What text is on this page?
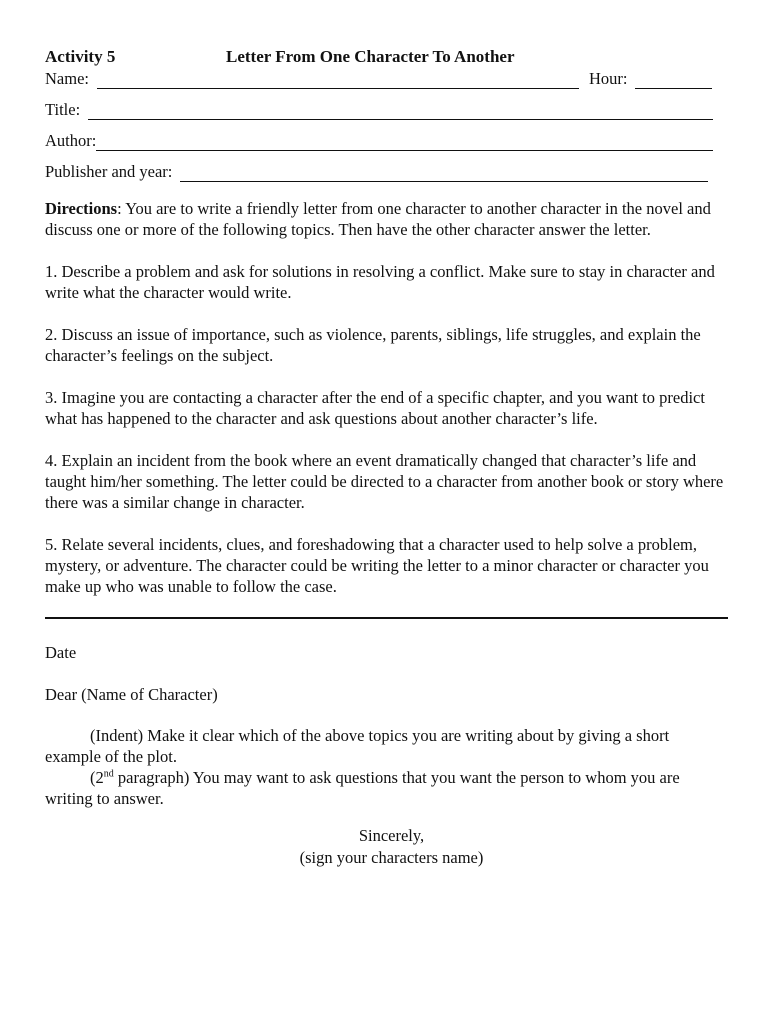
Activity 5	Letter From One Character To Another
Name:	Hour:
Title:
Author:
Publisher and year:

Directions: You are to write a friendly letter from one character to another character in the novel and discuss one or more of the following topics. Then have the other character answer the letter.

1. Describe a problem and ask for solutions in resolving a conflict. Make sure to stay in character and write what the character would write.

2. Discuss an issue of importance, such as violence, parents, siblings, life struggles, and explain the character’s feelings on the subject.

3. Imagine you are contacting a character after the end of a specific chapter, and you want to predict what has happened to the character and ask questions about another character’s life.

4. Explain an incident from the book where an event dramatically changed that character’s life and taught him/her something. The letter could be directed to a character from another book or story where there was a similar change in character.

5. Relate several incidents, clues, and foreshadowing that a character used to help solve a problem, mystery, or adventure. The character could be writing the letter to a minor character or character you make up who was unable to follow the case.

Date

Dear (Name of Character)

(Indent) Make it clear which of the above topics you are writing about by giving a short example of the plot.

(2nd paragraph) You may want to ask questions that you want the person to whom you are writing to answer.

Sincerely,
(sign your characters name)
